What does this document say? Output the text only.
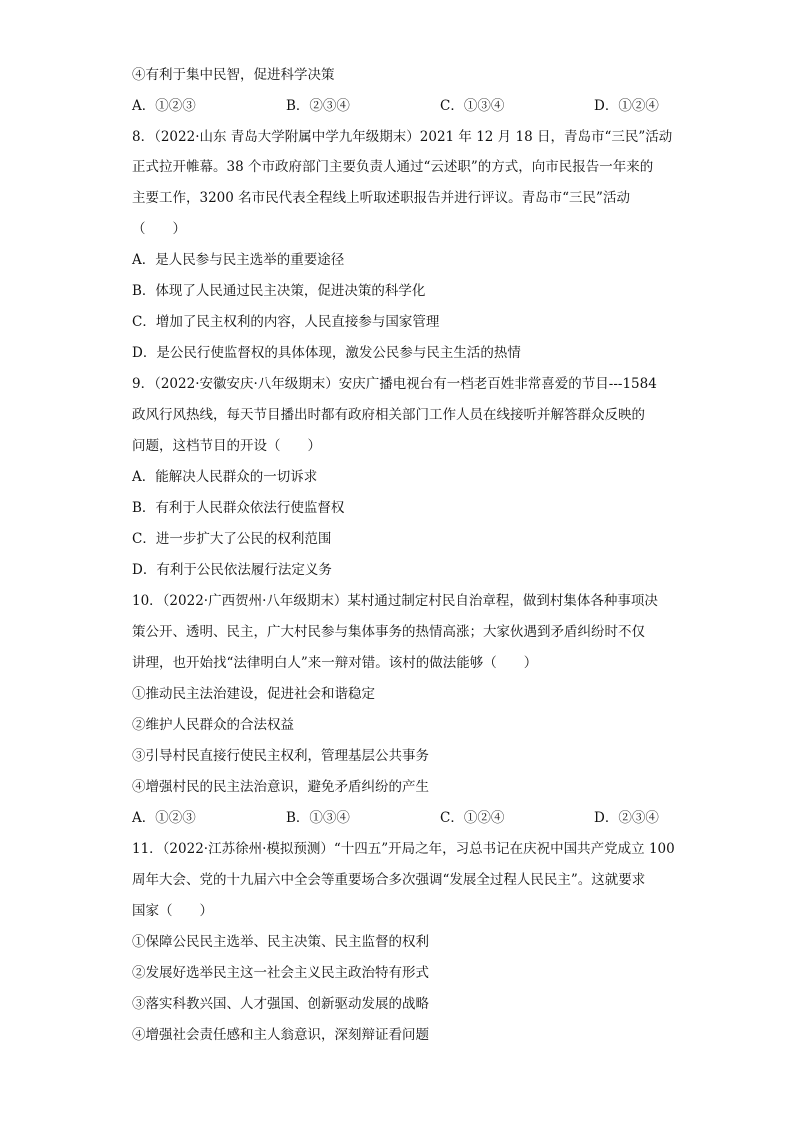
④有利于集中民智，促进科学决策
A．①②③	B．②③④	C．①③④	D．①②④
8．（2022·山东 青岛大学附属中学九年级期末）2021 年 12 月 18 日，青岛市“三民”活动
正式拉开帷幕。38 个市政府部门主要负责人通过“云述职”的方式，向市民报告一年来的
主要工作，3200 名市民代表全程线上听取述职报告并进行评议。青岛市“三民”活动
（　　）
A．是人民参与民主选举的重要途径
B．体现了人民通过民主决策，促进决策的科学化
C．增加了民主权利的内容，人民直接参与国家管理
D．是公民行使监督权的具体体现，激发公民参与民主生活的热情
9．（2022·安徽安庆·八年级期末）安庆广播电视台有一档老百姓非常喜爱的节目---1584
政风行风热线，每天节目播出时都有政府相关部门工作人员在线接听并解答群众反映的
问题，这档节目的开设（　　）
A．能解决人民群众的一切诉求
B．有利于人民群众依法行使监督权
C．进一步扩大了公民的权利范围
D．有利于公民依法履行法定义务
10．（2022·广西贺州·八年级期末）某村通过制定村民自治章程，做到村集体各种事项决
策公开、透明、民主，广大村民参与集体事务的热情高涨；大家伙遇到矛盾纠纷时不仅
讲理，也开始找“法律明白人”来一辩对错。该村的做法能够（　　）
①推动民主法治建设，促进社会和谐稳定
②维护人民群众的合法权益
③引导村民直接行使民主权利，管理基层公共事务
④增强村民的民主法治意识，避免矛盾纠纷的产生
A．①②③	B．①③④	C．①②④	D．②③④
11．（2022·江苏徐州·模拟预测）“十四五”开局之年，习总书记在庆祝中国共产党成立 100
周年大会、党的十九届六中全会等重要场合多次强调“发展全过程人民民主”。这就要求
国家（　　）
①保障公民民主选举、民主决策、民主监督的权利
②发展好选举民主这一社会主义民主政治特有形式
③落实科教兴国、人才强国、创新驱动发展的战略
④增强社会责任感和主人翁意识，深刻辩证看问题
